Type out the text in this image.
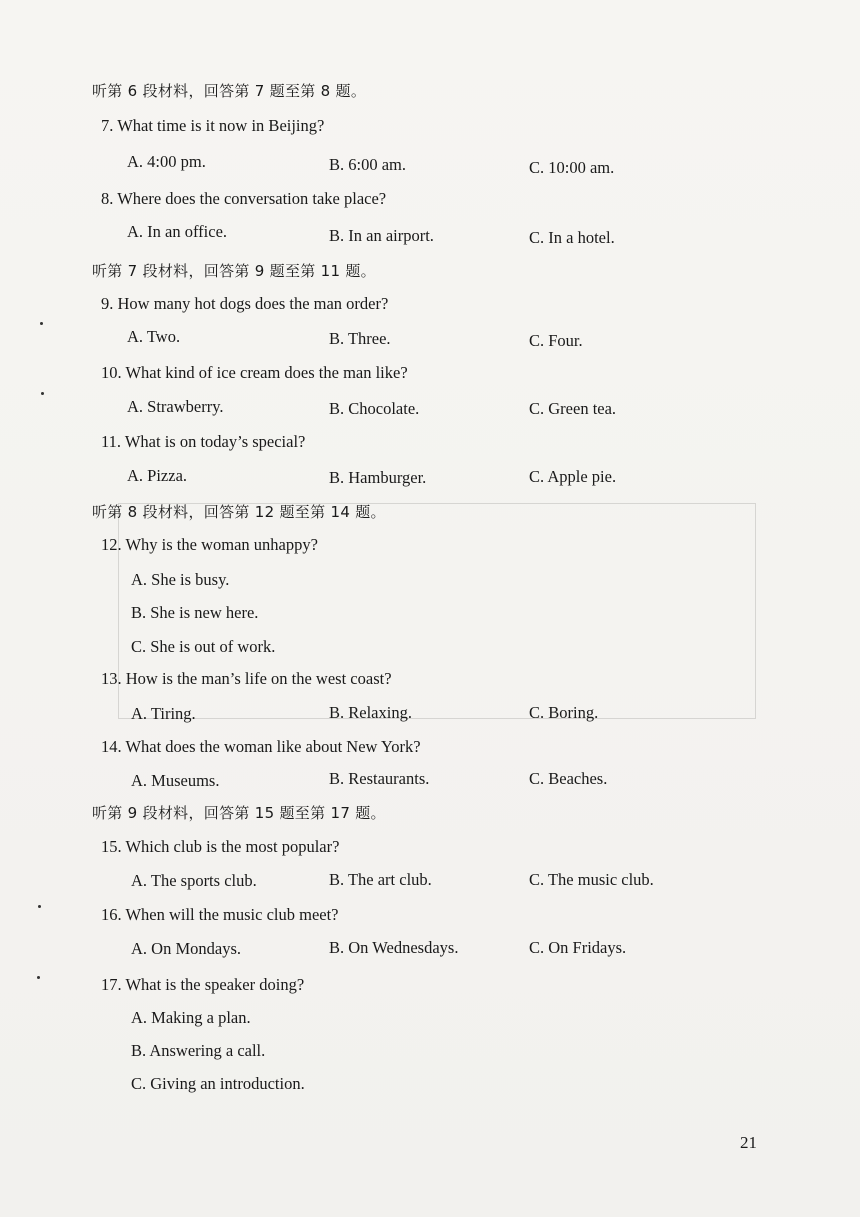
听第 6 段材料，回答第 7 题至第 8 题。
7. What time is it now in Beijing?
A. 4:00 pm.	B. 6:00 am.	C. 10:00 am.
8. Where does the conversation take place?
A. In an office.	B. In an airport.	C. In a hotel.
听第 7 段材料，回答第 9 题至第 11 题。
9. How many hot dogs does the man order?
A. Two.	B. Three.	C. Four.
10. What kind of ice cream does the man like?
A. Strawberry.	B. Chocolate.	C. Green tea.
11. What is on today’s special?
A. Pizza.	B. Hamburger.	C. Apple pie.
听第 8 段材料，回答第 12 题至第 14 题。
12. Why is the woman unhappy?
A. She is busy.
B. She is new here.
C. She is out of work.
13. How is the man’s life on the west coast?
A. Tiring.	B. Relaxing.	C. Boring.
14. What does the woman like about New York?
A. Museums.	B. Restaurants.	C. Beaches.
听第 9 段材料，回答第 15 题至第 17 题。
15. Which club is the most popular?
A. The sports club.	B. The art club.	C. The music club.
16. When will the music club meet?
A. On Mondays.	B. On Wednesdays.	C. On Fridays.
17. What is the speaker doing?
A. Making a plan.
B. Answering a call.
C. Giving an introduction.
21
